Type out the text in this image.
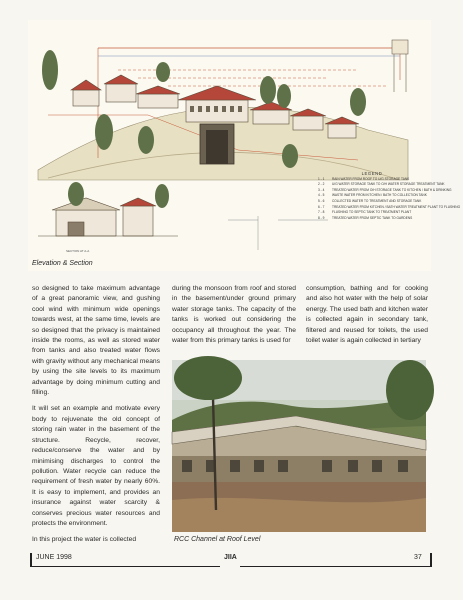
SECTION AT A-A
LEGEND
1 - 1	RAIN WATER FROM ROOF TO U/G STORAGE TANK
2 - 2	U/G WATER STORAGE TANK TO O/H WATER STORAGE TREATMENT TANK
3 - 4	TREATED WATER FROM O/H STORAGE TANK TO KITCHEN / BATH & DRINKING
4 - 5	WASTE WATER FROM KITCHEN / BATH TO COLLECTION TANK
5 - 6	COLLECTED WATER TO TREATMENT AND STORAGE TANK
6 - 7	TREATED WATER FROM KITCHEN / BATH WATER TREATMENT PLANT TO FLUSHING
7 - 8	FLUSHING TO SEPTIC TANK TO TREATMENT PLANT
8 - 9	TREATED WATER FROM SEPTIC TANK TO GARDENS
Elevation & Section

so designed to take maximum advantage of a great panoramic view, and gushing cool wind with minimum wide openings towards west, at the same time, levels are so designed that the privacy is maintained inside the rooms, as well as stored water from tanks and also treated water flows with gravity without any mechanical means by using the site levels to its maximum advantage by doing minimum cutting and filling.

It will set an example and motivate every body to rejuvenate the old concept of storing rain water in the basement of the structure. Recycle, recover, reduce/conserve the water and by minimising discharges to control the pollution. Water recycle can reduce the requirement of fresh water by nearly 60%. It is easy to implement, and provides an insurance against water scarcity & conserves precious water resources and protects the environment.

In this project the water is collected

during the monsoon from roof and stored in the basement/under ground primary water storage tanks. The capacity of the tanks is worked out considering the occupancy all throughout the year. The water from this primary tanks is used for

consumption, bathing and for cooking and also hot water with the help of solar energy. The used bath and kitchen water is collected again in secondary tank, filtered and reused for toilets, the used toilet water is again collected in tertiary

RCC Channel at Roof Level
JUNE 1998	JIIA	37
